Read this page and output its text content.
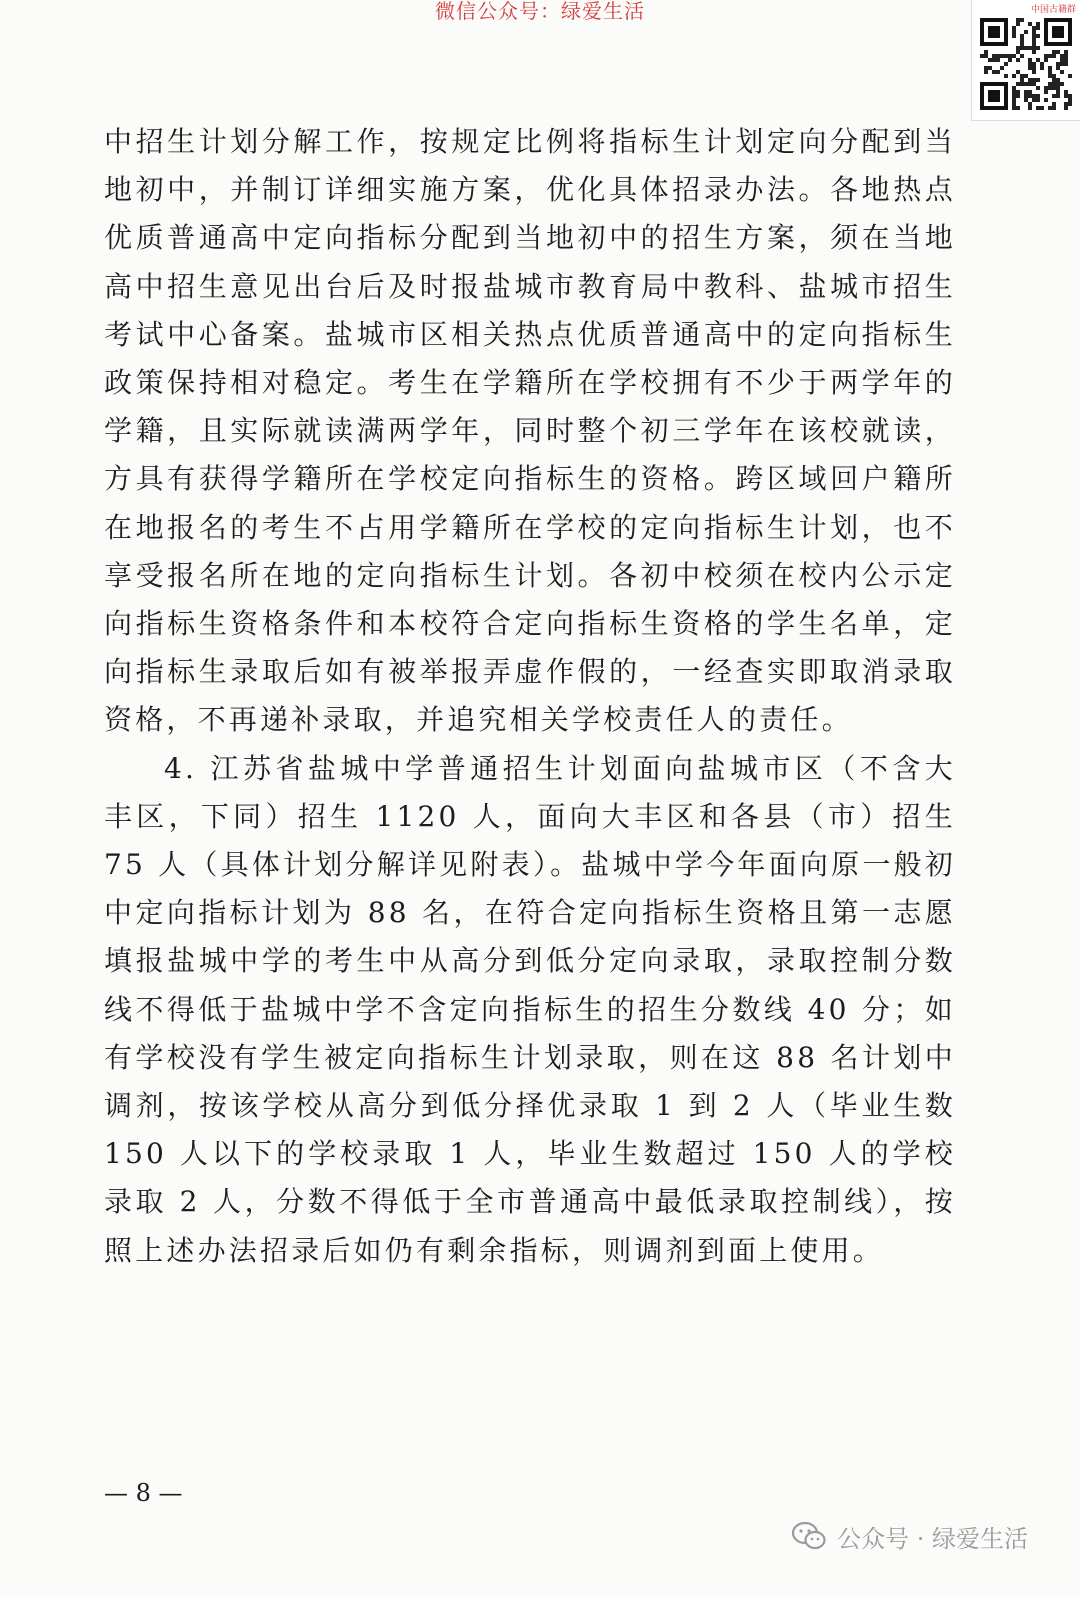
微信公众号：绿爱生活	中国古籍群

中招生计划分解工作，按规定比例将指标生计划定向分配到当地初中，并制订详细实施方案，优化具体招录办法。各地热点优质普通高中定向指标分配到当地初中的招生方案，须在当地高中招生意见出台后及时报盐城市教育局中教科、盐城市招生考试中心备案。盐城市区相关热点优质普通高中的定向指标生政策保持相对稳定。考生在学籍所在学校拥有不少于两学年的学籍，且实际就读满两学年，同时整个初三学年在该校就读，方具有获得学籍所在学校定向指标生的资格。跨区域回户籍所在地报名的考生不占用学籍所在学校的定向指标生计划，也不享受报名所在地的定向指标生计划。各初中校须在校内公示定向指标生资格条件和本校符合定向指标生资格的学生名单，定向指标生录取后如有被举报弄虚作假的，一经查实即取消录取资格，不再递补录取，并追究相关学校责任人的责任。

4. 江苏省盐城中学普通招生计划面向盐城市区（不含大丰区，下同）招生 1120 人，面向大丰区和各县（市）招生 75 人（具体计划分解详见附表）。盐城中学今年面向原一般初中定向指标计划为 88 名，在符合定向指标生资格且第一志愿填报盐城中学的考生中从高分到低分定向录取，录取控制分数线不得低于盐城中学不含定向指标生的招生分数线 40 分；如有学校没有学生被定向指标生计划录取，则在这 88 名计划中调剂，按该学校从高分到低分择优录取 1 到 2 人（毕业生数 150 人以下的学校录取 1 人，毕业生数超过 150 人的学校录取 2 人，分数不得低于全市普通高中最低录取控制线），按照上述办法招录后如仍有剩余指标，则调剂到面上使用。

— 8 —
公众号 · 绿爱生活
